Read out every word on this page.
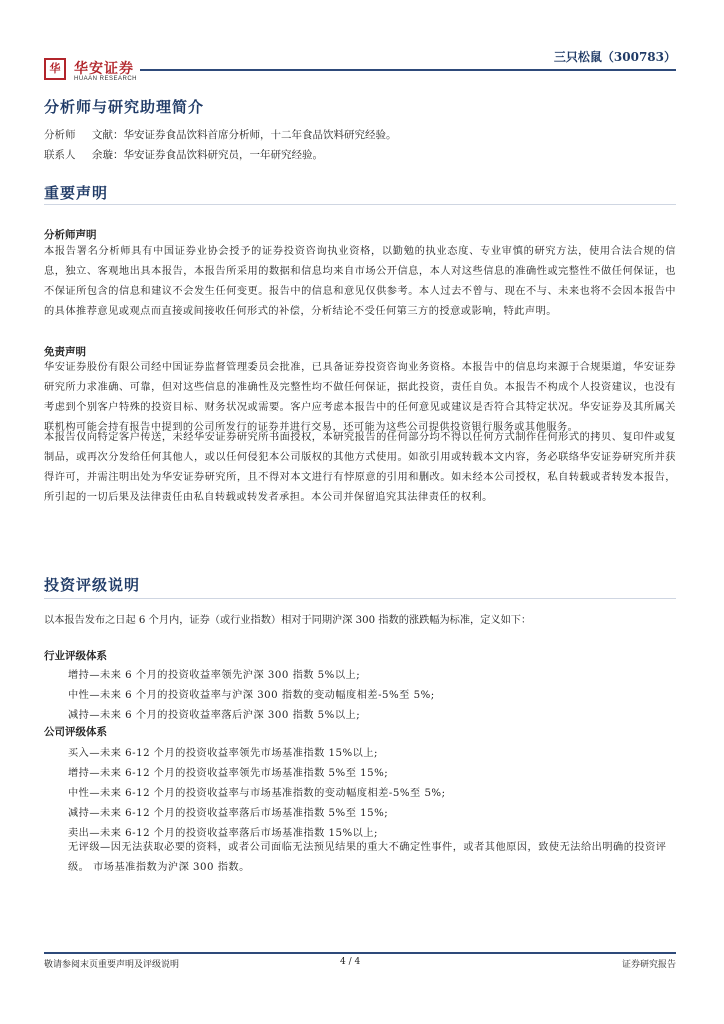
华 华安证券
HUAAN RESEARCH
三只松鼠（300783）
分析师与研究助理简介
分析师 文献：华安证券食品饮料首席分析师，十二年食品饮料研究经验。
联系人 余璇：华安证券食品饮料研究员，一年研究经验。
重要声明
分析师声明
本报告署名分析师具有中国证券业协会授予的证券投资咨询执业资格，以勤勉的执业态度、专业审慎的研究方法，使用合法合规的信息，独立、客观地出具本报告，本报告所采用的数据和信息均来自市场公开信息，本人对这些信息的准确性或完整性不做任何保证，也不保证所包含的信息和建议不会发生任何变更。报告中的信息和意见仅供参考。本人过去不曾与、现在不与、未来也将不会因本报告中的具体推荐意见或观点而直接或间接收任何形式的补偿，分析结论不受任何第三方的授意或影响，特此声明。
免责声明
华安证券股份有限公司经中国证券监督管理委员会批准，已具备证券投资咨询业务资格。本报告中的信息均来源于合规渠道，华安证券研究所力求准确、可靠，但对这些信息的准确性及完整性均不做任何保证，据此投资，责任自负。本报告不构成个人投资建议，也没有考虑到个别客户特殊的投资目标、财务状况或需要。客户应考虑本报告中的任何意见或建议是否符合其特定状况。华安证券及其所属关联机构可能会持有报告中提到的公司所发行的证券并进行交易，还可能为这些公司提供投资银行服务或其他服务。
本报告仅向特定客户传送，未经华安证券研究所书面授权，本研究报告的任何部分均不得以任何方式制作任何形式的拷贝、复印件或复制品，或再次分发给任何其他人，或以任何侵犯本公司版权的其他方式使用。如欲引用或转载本文内容，务必联络华安证券研究所并获得许可，并需注明出处为华安证券研究所，且不得对本文进行有悖原意的引用和删改。如未经本公司授权，私自转载或者转发本报告，所引起的一切后果及法律责任由私自转载或转发者承担。本公司并保留追究其法律责任的权利。
投资评级说明
以本报告发布之日起 6 个月内，证券（或行业指数）相对于同期沪深 300 指数的涨跌幅为标准，定义如下：
行业评级体系
增持—未来 6 个月的投资收益率领先沪深 300 指数 5%以上;
中性—未来 6 个月的投资收益率与沪深 300 指数的变动幅度相差-5%至 5%;
减持—未来 6 个月的投资收益率落后沪深 300 指数 5%以上;
公司评级体系
买入—未来 6-12 个月的投资收益率领先市场基准指数 15%以上;
增持—未来 6-12 个月的投资收益率领先市场基准指数 5%至 15%;
中性—未来 6-12 个月的投资收益率与市场基准指数的变动幅度相差-5%至 5%;
减持—未来 6-12 个月的投资收益率落后市场基准指数 5%至 15%;
卖出—未来 6-12 个月的投资收益率落后市场基准指数 15%以上;
无评级—因无法获取必要的资料，或者公司面临无法预见结果的重大不确定性事件，或者其他原因，致使无法给出明确的投资评级。 市场基准指数为沪深 300 指数。
敬请参阅末页重要声明及评级说明	4 / 4	证券研究报告
